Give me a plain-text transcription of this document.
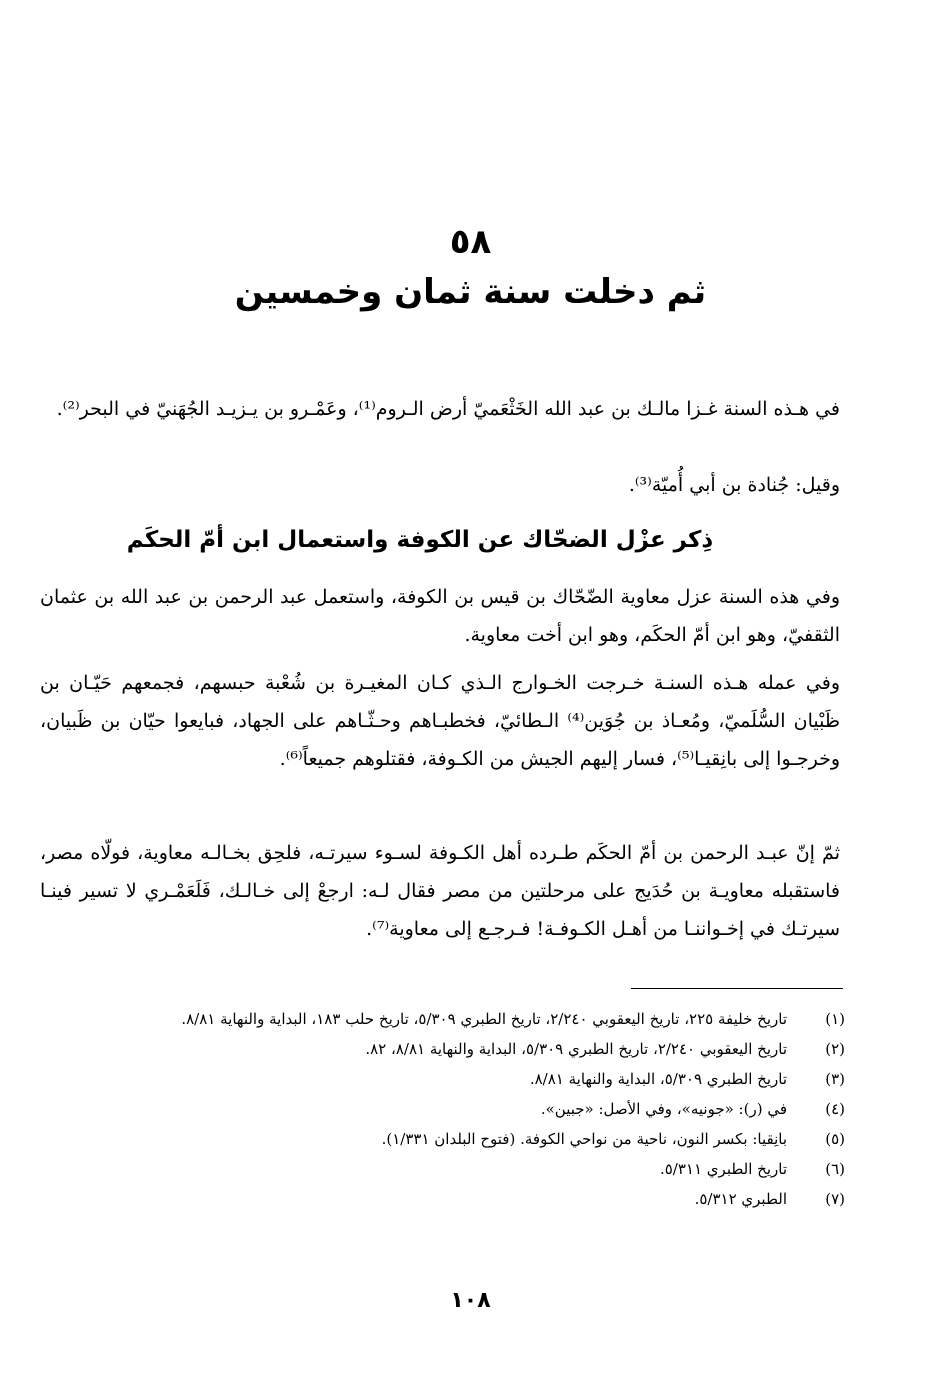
٥٨
ثم دخلت سنة ثمان وخمسين

في هـذه السنة غـزا مالـك بن عبد الله الخَثْعَميّ أرض الـروم⁽¹⁾، وعَمْـرو بن يـزيـد الجُهَنيّ في البحر⁽²⁾.

وقيل: جُنادة بن أبي أُميّة⁽³⁾.

ذِكر عزْل الضحّاك عن الكوفة واستعمال ابن أمّ الحكَم

وفي هذه السنة عزل معاوية الضّحّاك بن قيس بن الكوفة، واستعمل عبد الرحمن بن عبد الله بن عثمان الثقفيّ، وهو ابن أمّ الحكَم، وهو ابن أخت معاوية.

وفي عمله هـذه السنـة خـرجت الخـوارج الـذي كـان المغيـرة بن شُعْبة حبسهم، فجمعهم حَيّـان بن ظَبْيان السُّلَميّ، ومُعـاذ بن جُوَين⁽⁴⁾ الـطائيّ، فخطبـاهم وحـثّـاهم على الجهاد، فبايعوا حيّان بن ظَبيان، وخرجـوا إلى بانِقيـا⁽⁵⁾، فسار إليهم الجيش من الكـوفة، فقتلوهم جميعاً⁽⁶⁾.

ثمّ إنّ عبـد الرحمن بن أمّ الحكَم طـرده أهل الكـوفة لسـوء سيرتـه، فلحِق بخـالـه معاوية، فولّاه مصر، فاستقبله معاويـة بن حُدَيج على مرحلتين من مصر فقال لـه: ارجعْ إلى خـالـك، فَلَعَمْـري لا تسير فينـا سيرتـك في إخـواننـا من أهـل الكـوفـة! فـرجـع إلى معاوية⁽⁷⁾.

(١)
تاريخ خليفة ٢٢٥، تاريخ اليعقوبي ٢/٢٤٠، تاريخ الطبري ٥/٣٠٩، تاريخ حلب ١٨٣، البداية والنهاية ٨/٨١.
(٢)
تاريخ اليعقوبي ٢/٢٤٠، تاريخ الطبري ٥/٣٠٩، البداية والنهاية ٨/٨١، ٨٢.
(٣)
تاريخ الطبري ٥/٣٠٩، البداية والنهاية ٨/٨١.
(٤)
في (ر): «جونيه»، وفي الأصل: «جبين».
(٥)
بانِقيا: بكسر النون، ناحية من نواحي الكوفة. (فتوح البلدان ١/٣٣١).
(٦)
تاريخ الطبري ٥/٣١١.
(٧)
الطبري ٥/٣١٢.
١٠٨
